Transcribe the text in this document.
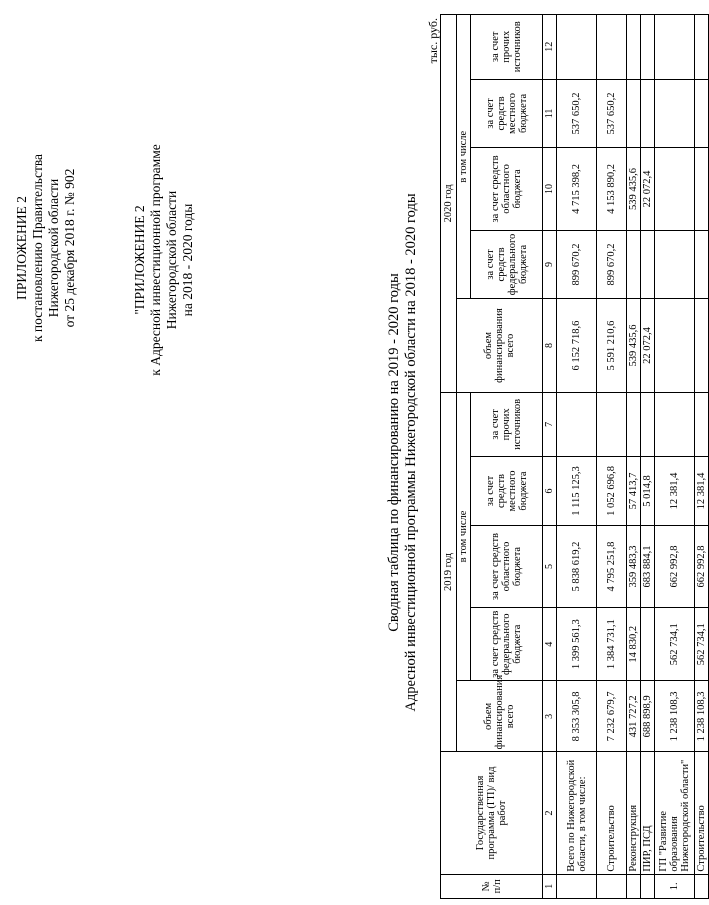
ПРИЛОЖЕНИЕ 2 к постановлению Правительства Нижегородской области от 25 декабря 2018 г. № 902	"ПРИЛОЖЕНИЕ 2 к Адресной инвестиционной программе Нижегородской области на 2018 - 2020 годы
Сводная таблица по финансированию на 2019 - 2020 годы Адресной инвестиционной программы Нижегородской области на 2018 - 2020 годы
тыс. руб.
№ п/п	Государственная программа (ГП)/ вид работ	2019 год					2020 год				
		объем финансирования всего	в том числе				объем финансирования всего	в том числе			
			за счет средств федерального бюджета	за счет средств областного бюджета	за счет средств местного бюджета	за счет прочих источников		за счет средств федерального бюджета	за счет средств областного бюджета	за счет средств местного бюджета	за счет прочих источников
1	2	3	4	5	6	7	8	9	10	11	12
	Всего по Нижегородской области, в том числе:	8 353 305,8	1 399 561,3	5 838 619,2	1 115 125,3		6 152 718,6	899 670,2	4 715 398,2	537 650,2	
	Строительство	7 232 679,7	1 384 731,1	4 795 251,8	1 052 696,8		5 591 210,6	899 670,2	4 153 890,2	537 650,2	
	Реконструкция	431 727,2	14 830,2	359 483,3	57 413,7		539 435,6		539 435,6		
	ПИР, ПСД	688 898,9		683 884,1	5 014,8		22 072,4		22 072,4		
1.	ГП "Развитие образования Нижегородской области"	1 238 108,3	562 734,1	662 992,8	12 381,4						
	Строительство	1 238 108,3	562 734,1	662 992,8	12 381,4						
